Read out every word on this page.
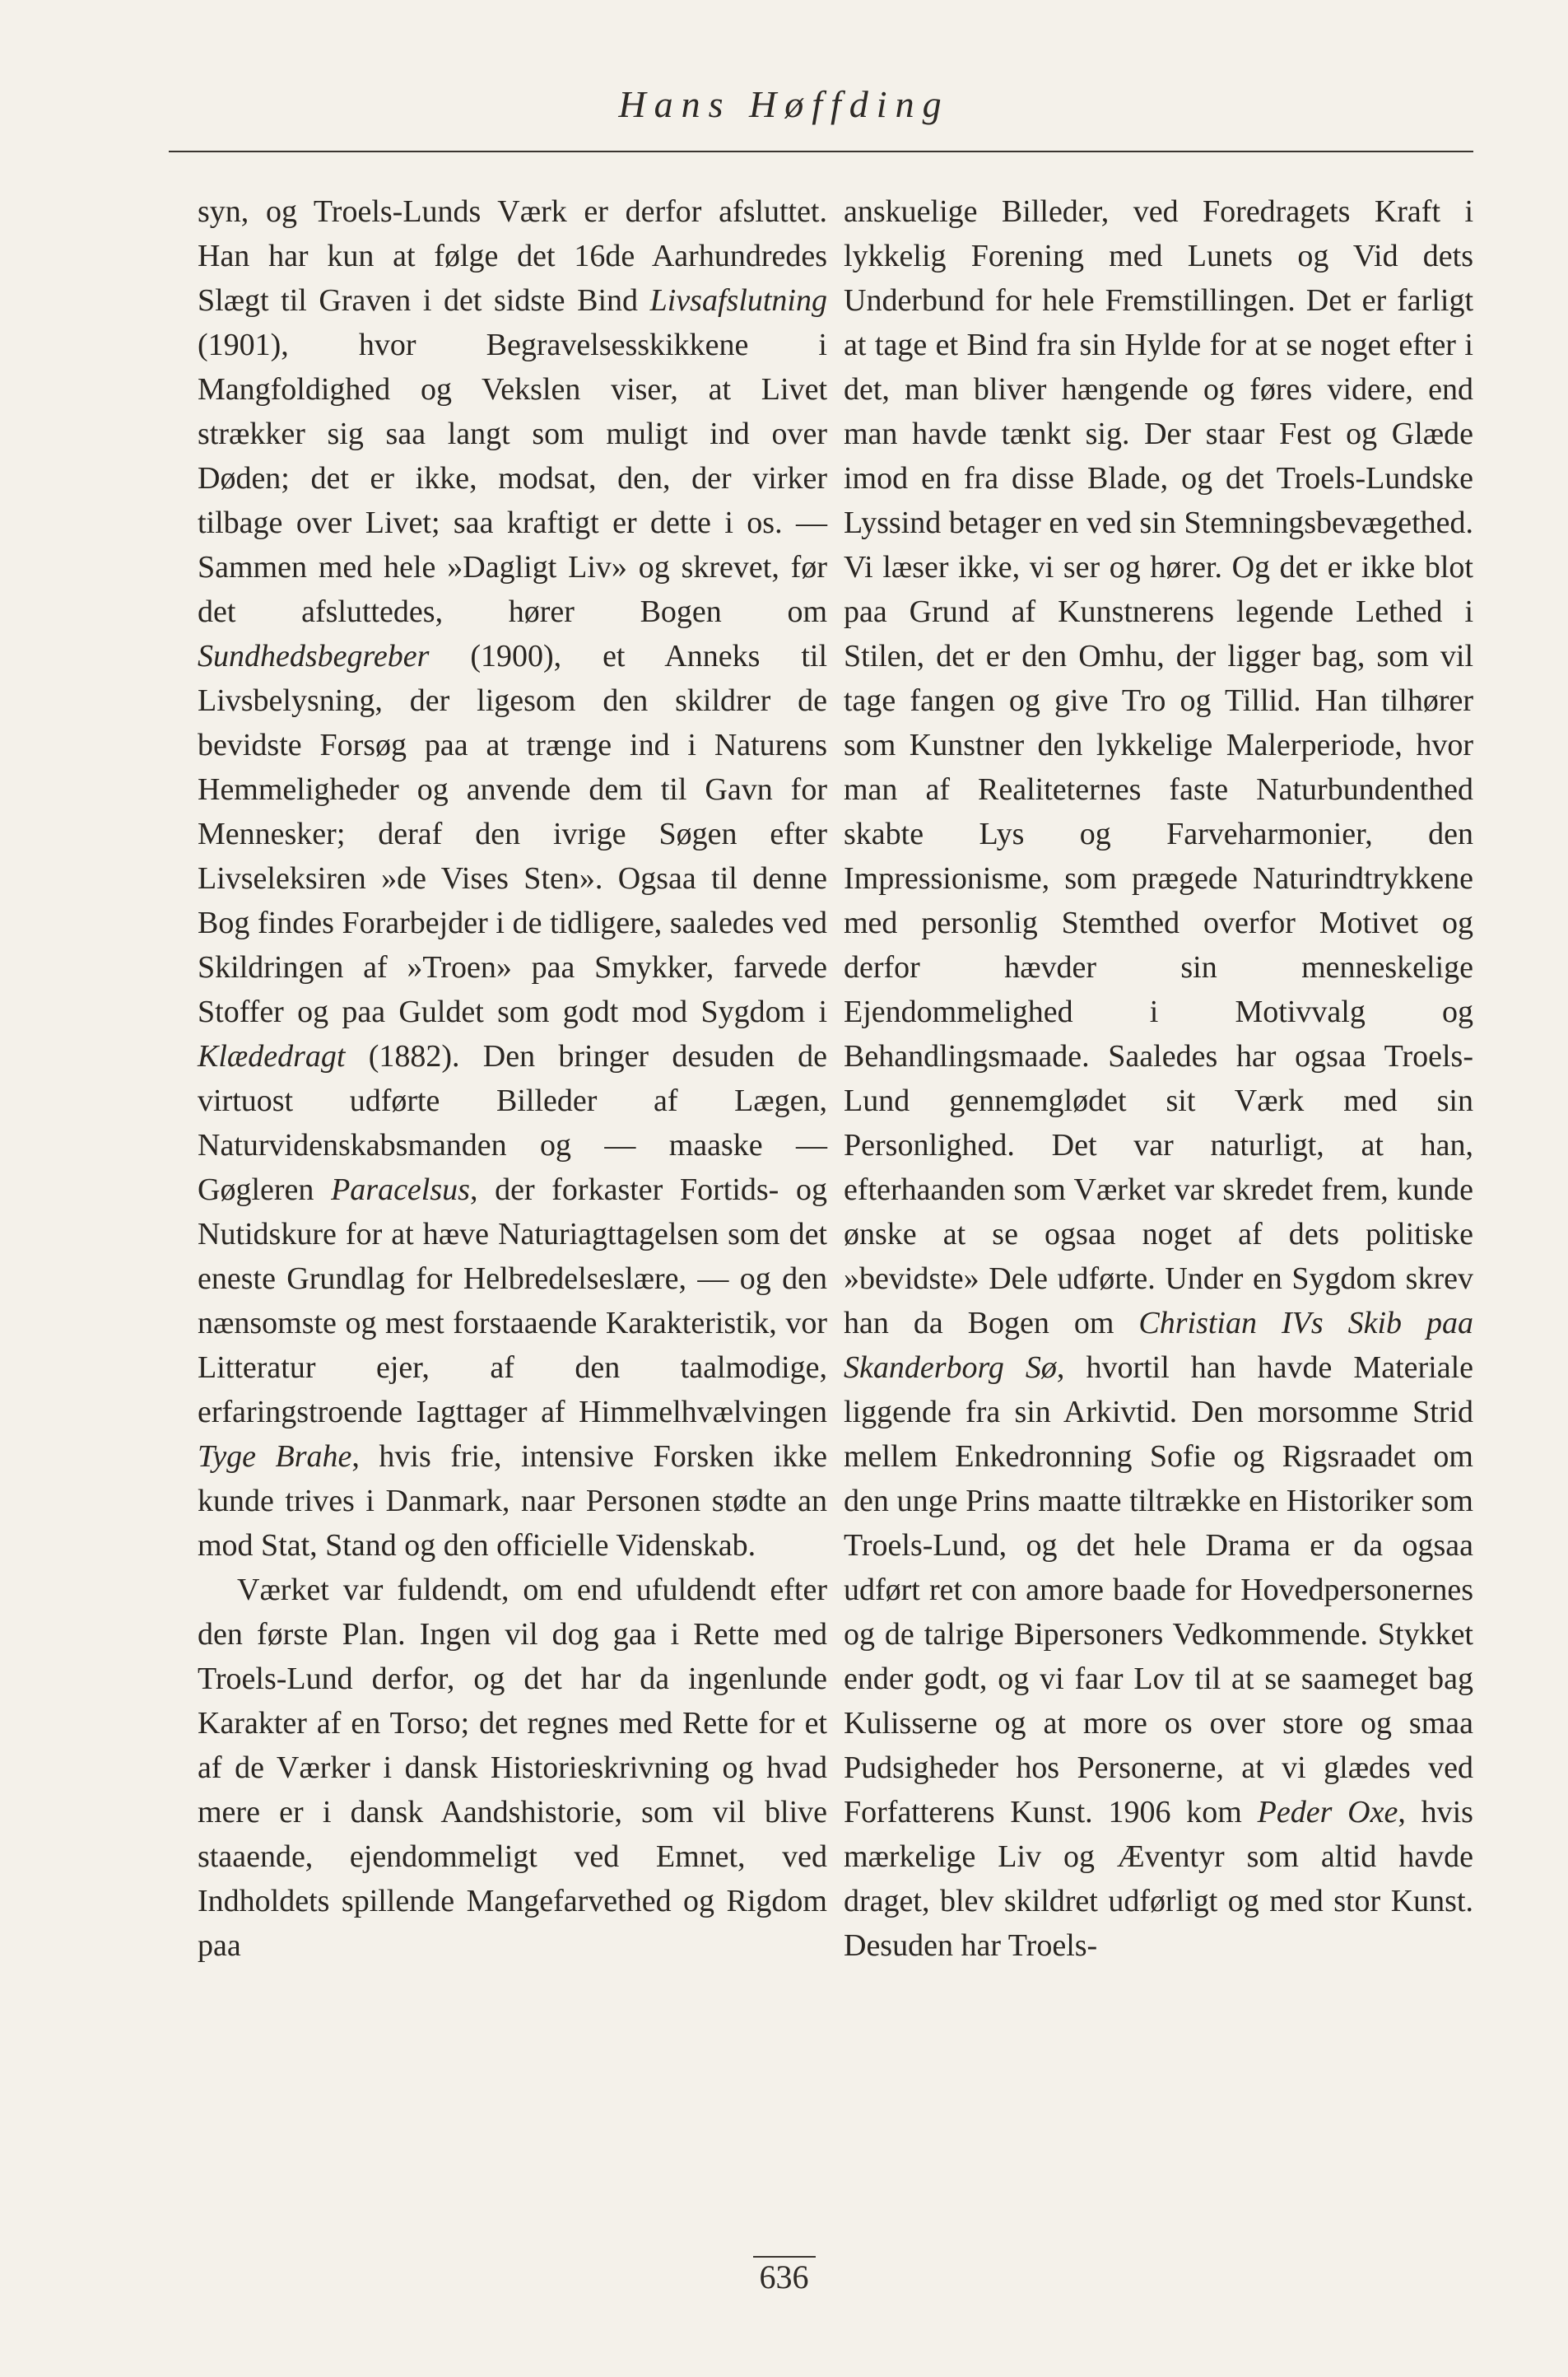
Hans Høffding

syn, og Troels-Lunds Værk er derfor afsluttet. Han har kun at følge det 16de Aarhundredes Slægt til Graven i det sidste Bind Livsafslutning (1901), hvor Begravelsesskikkene i Mangfoldighed og Vekslen viser, at Livet strækker sig saa langt som muligt ind over Døden; det er ikke, modsat, den, der virker tilbage over Livet; saa kraftigt er dette i os. — Sammen med hele »Dagligt Liv» og skrevet, før det afsluttedes, hører Bogen om Sundhedsbegreber (1900), et Anneks til Livsbelysning, der ligesom den skildrer de bevidste Forsøg paa at trænge ind i Naturens Hemmeligheder og anvende dem til Gavn for Mennesker; deraf den ivrige Søgen efter Livseleksiren »de Vises Sten». Ogsaa til denne Bog findes Forarbejder i de tidligere, saaledes ved Skildringen af »Troen» paa Smykker, farvede Stoffer og paa Guldet som godt mod Sygdom i Klædedragt (1882). Den bringer desuden de virtuost udførte Billeder af Lægen, Naturvidenskabsmanden og — maaske — Gøgleren Paracelsus, der forkaster Fortids- og Nutidskure for at hæve Naturiagttagelsen som det eneste Grundlag for Helbredelseslære, — og den nænsomste og mest forstaaende Karakteristik, vor Litteratur ejer, af den taalmodige, erfaringstroende Iagttager af Himmelhvælvingen Tyge Brahe, hvis frie, intensive Forsken ikke kunde trives i Danmark, naar Personen stødte an mod Stat, Stand og den officielle Videnskab.

Værket var fuldendt, om end ufuldendt efter den første Plan. Ingen vil dog gaa i Rette med Troels-Lund derfor, og det har da ingenlunde Karakter af en Torso; det regnes med Rette for et af de Værker i dansk Historieskrivning og hvad mere er i dansk Aandshistorie, som vil blive staaende, ejendommeligt ved Emnet, ved Indholdets spillende Mangefarvethed og Rigdom paa

anskuelige Billeder, ved Foredragets Kraft i lykkelig Forening med Lunets og Vid dets Underbund for hele Fremstillingen. Det er farligt at tage et Bind fra sin Hylde for at se noget efter i det, man bliver hængende og føres videre, end man havde tænkt sig. Der staar Fest og Glæde imod en fra disse Blade, og det Troels-Lundske Lyssind betager en ved sin Stemningsbevægethed. Vi læser ikke, vi ser og hører. Og det er ikke blot paa Grund af Kunstnerens legende Lethed i Stilen, det er den Omhu, der ligger bag, som vil tage fangen og give Tro og Tillid. Han tilhører som Kunstner den lykkelige Malerperiode, hvor man af Realiteternes faste Naturbundenthed skabte Lys og Farveharmonier, den Impressionisme, som prægede Naturindtrykkene med personlig Stemthed overfor Motivet og derfor hævder sin menneskelige Ejendommelighed i Motivvalg og Behandlingsmaade. Saaledes har ogsaa Troels-Lund gennemglødet sit Værk med sin Personlighed. Det var naturligt, at han, efterhaanden som Værket var skredet frem, kunde ønske at se ogsaa noget af dets politiske »bevidste» Dele udførte. Under en Sygdom skrev han da Bogen om Christian IVs Skib paa Skanderborg Sø, hvortil han havde Materiale liggende fra sin Arkivtid. Den morsomme Strid mellem Enkedronning Sofie og Rigsraadet om den unge Prins maatte tiltrække en Historiker som Troels-Lund, og det hele Drama er da ogsaa udført ret con amore baade for Hovedpersonernes og de talrige Bipersoners Vedkommende. Stykket ender godt, og vi faar Lov til at se saameget bag Kulisserne og at more os over store og smaa Pudsigheder hos Personerne, at vi glædes ved Forfatterens Kunst. 1906 kom Peder Oxe, hvis mærkelige Liv og Æventyr som altid havde draget, blev skildret udførligt og med stor Kunst. Desuden har Troels-

636
